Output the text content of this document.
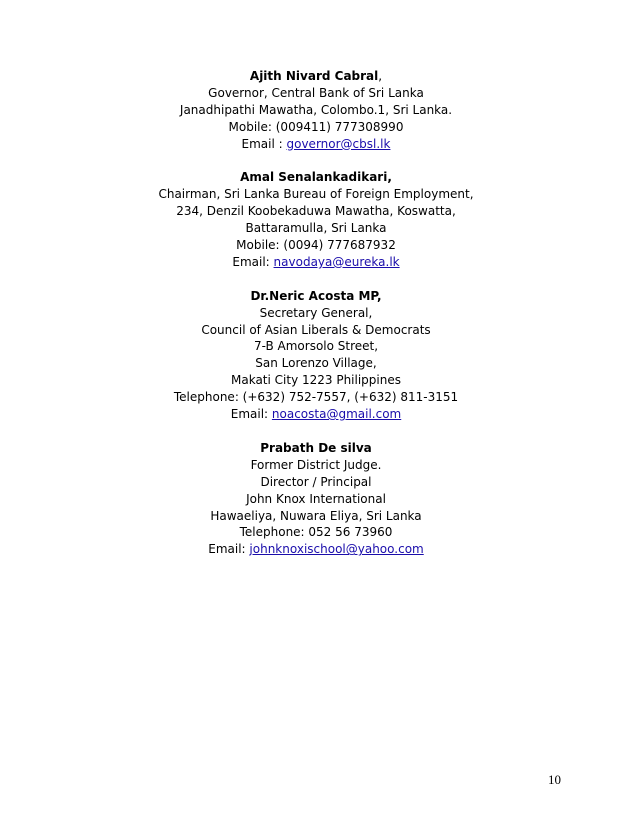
Ajith Nivard Cabral,
Governor, Central Bank of Sri Lanka
Janadhipathi Mawatha, Colombo.1, Sri Lanka.
Mobile: (009411) 777308990
Email : governor@cbsl.lk
Amal Senalankadikari,
Chairman, Sri Lanka Bureau of Foreign Employment,
234, Denzil Koobekaduwa Mawatha, Koswatta,
Battaramulla, Sri Lanka
Mobile: (0094) 777687932
Email: navodaya@eureka.lk
Dr.Neric Acosta MP,
Secretary General,
Council of Asian Liberals & Democrats
7-B Amorsolo Street,
San Lorenzo Village,
Makati City 1223 Philippines
Telephone: (+632) 752-7557, (+632) 811-3151
Email: noacosta@gmail.com
Prabath De silva
Former District Judge.
Director / Principal
John Knox International
Hawaeliya, Nuwara Eliya, Sri Lanka
Telephone: 052 56 73960
Email: johnknoxischool@yahoo.com
10
